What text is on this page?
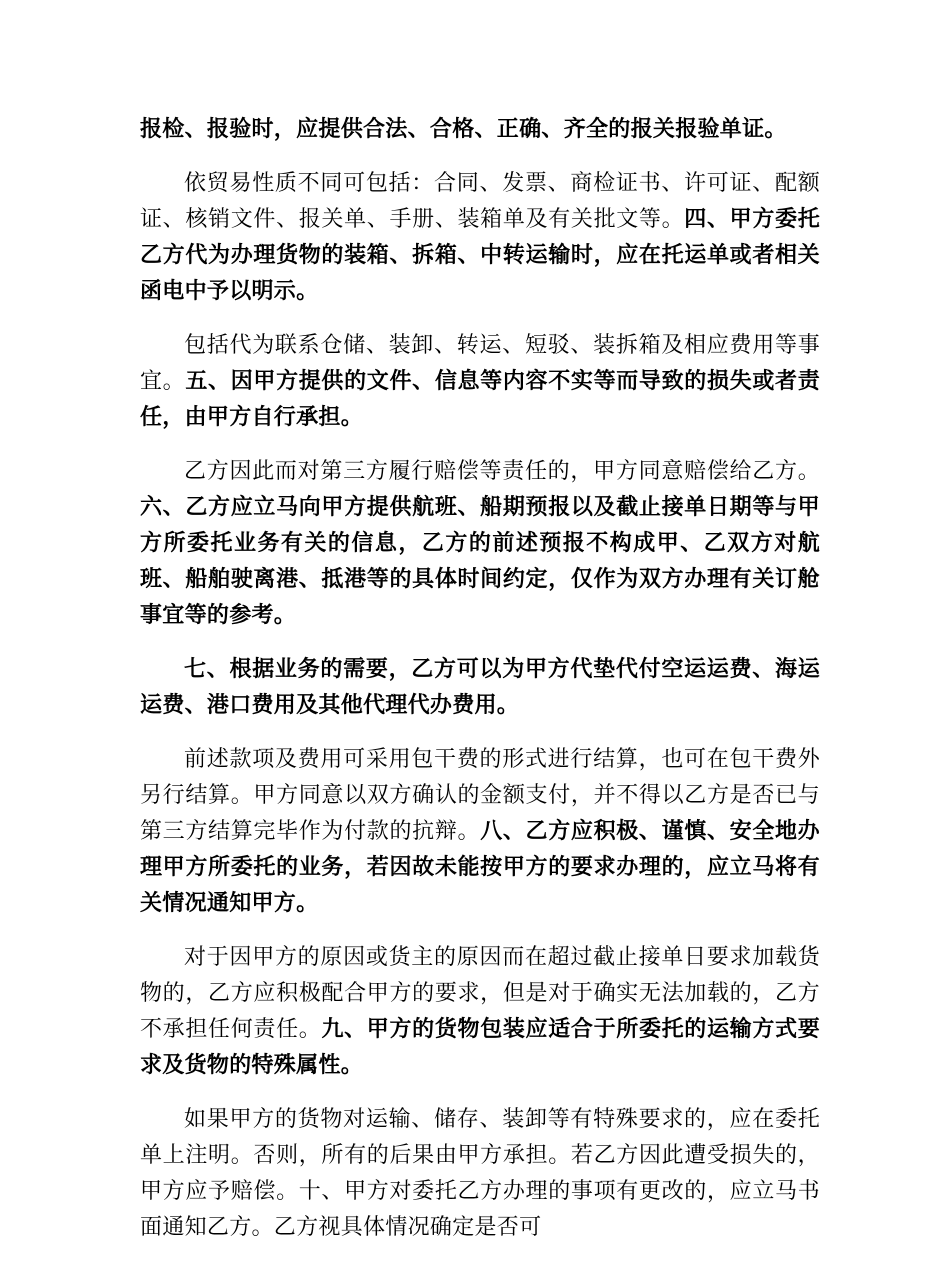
报检、报验时，应提供合法、合格、正确、齐全的报关报验单证。

依贸易性质不同可包括：合同、发票、商检证书、许可证、配额证、核销文件、报关单、手册、装箱单及有关批文等。四、甲方委托乙方代为办理货物的装箱、拆箱、中转运输时，应在托运单或者相关函电中予以明示。

包括代为联系仓储、装卸、转运、短驳、装拆箱及相应费用等事宜。五、因甲方提供的文件、信息等内容不实等而导致的损失或者责任，由甲方自行承担。

乙方因此而对第三方履行赔偿等责任的，甲方同意赔偿给乙方。六、乙方应立马向甲方提供航班、船期预报以及截止接单日期等与甲方所委托业务有关的信息，乙方的前述预报不构成甲、乙双方对航班、船舶驶离港、抵港等的具体时间约定，仅作为双方办理有关订舱事宜等的参考。

七、根据业务的需要，乙方可以为甲方代垫代付空运运费、海运运费、港口费用及其他代理代办费用。

前述款项及费用可采用包干费的形式进行结算，也可在包干费外另行结算。甲方同意以双方确认的金额支付，并不得以乙方是否已与第三方结算完毕作为付款的抗辩。八、乙方应积极、谨慎、安全地办理甲方所委托的业务，若因故未能按甲方的要求办理的，应立马将有关情况通知甲方。

对于因甲方的原因或货主的原因而在超过截止接单日要求加载货物的，乙方应积极配合甲方的要求，但是对于确实无法加载的，乙方不承担任何责任。九、甲方的货物包装应适合于所委托的运输方式要求及货物的特殊属性。

如果甲方的货物对运输、储存、装卸等有特殊要求的，应在委托单上注明。否则，所有的后果由甲方承担。若乙方因此遭受损失的，甲方应予赔偿。十、甲方对委托乙方办理的事项有更改的，应立马书面通知乙方。乙方视具体情况确定是否可
